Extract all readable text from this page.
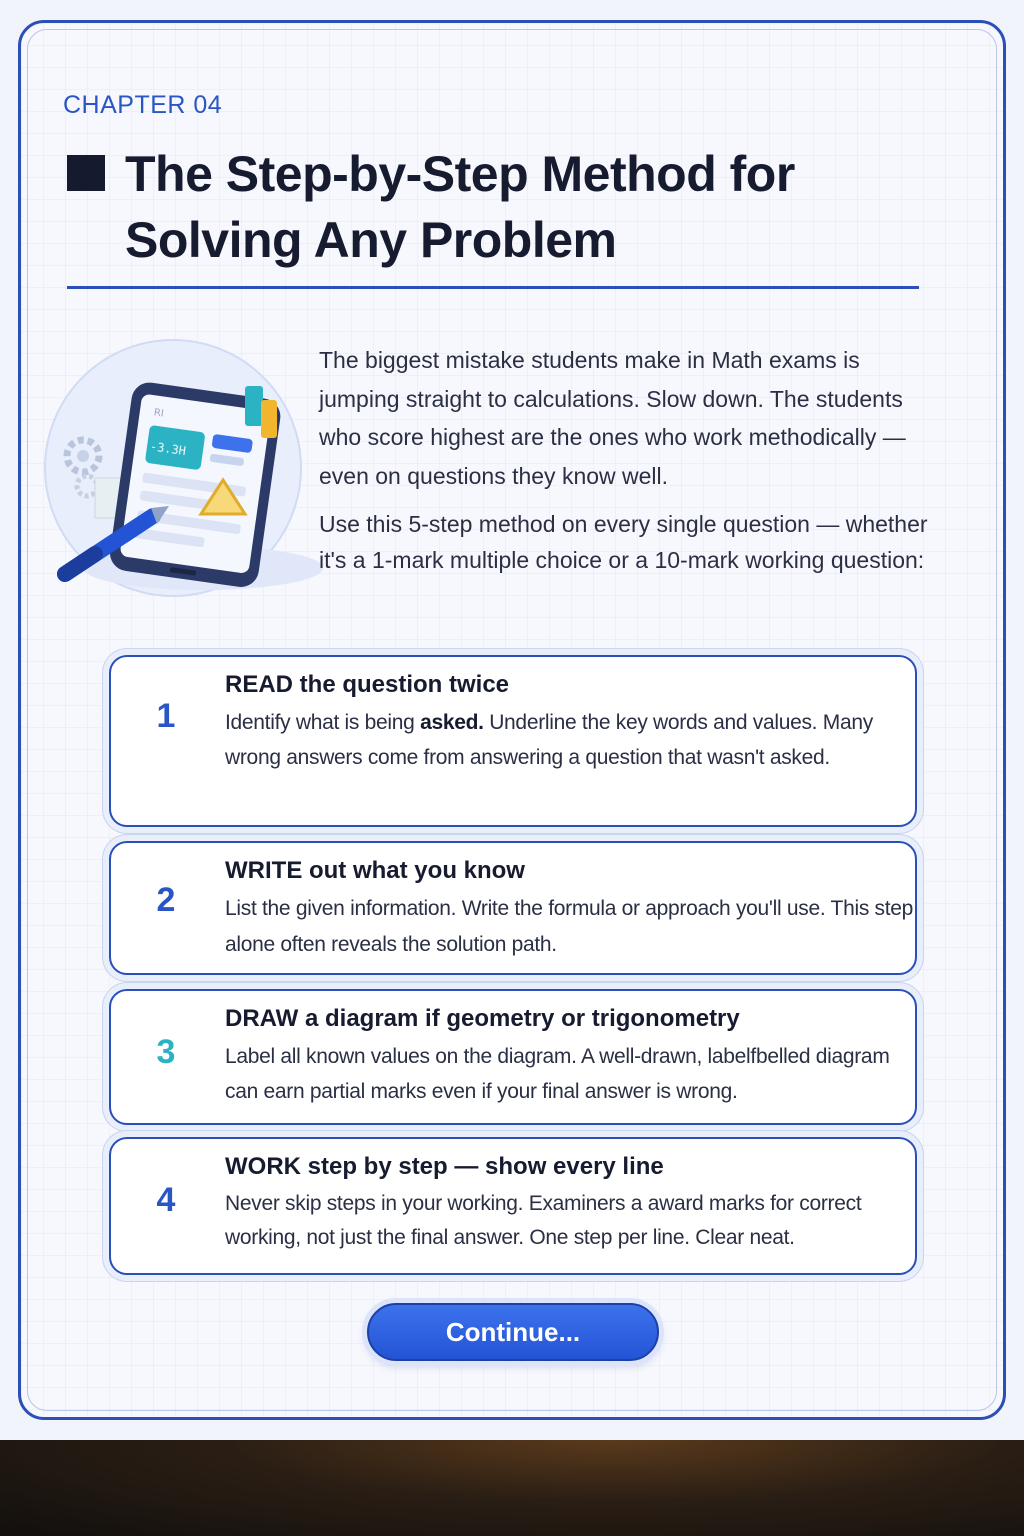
CHAPTER 04
The Step-by-Step Method for Solving Any Problem
-3.3H
RI

The biggest mistake students make in Math exams is jumping straight to calculations. Slow down. The students who score highest are the ones who work methodically — even on questions they know well.

Use this 5-step method on every single question — whether it's a 1-mark multiple choice or a 10-mark working question:

1
READ the question twice

Identify what is being asked. Underline the key words and values. Many wrong answers come from answering a question that wasn't asked.

2
WRITE out what you know

List the given information. Write the formula or approach you'll use. This step alone often reveals the solution path.

3
DRAW a diagram if geometry or trigonometry

Label all known values on the diagram. A well-drawn, labelfbelled diagram can earn partial marks even if your final answer is wrong.

4
WORK step by step — show every line

Never skip steps in your working. Examiners a award marks for correct working, not just the final answer. One step per line. Clear neat.

Continue...
